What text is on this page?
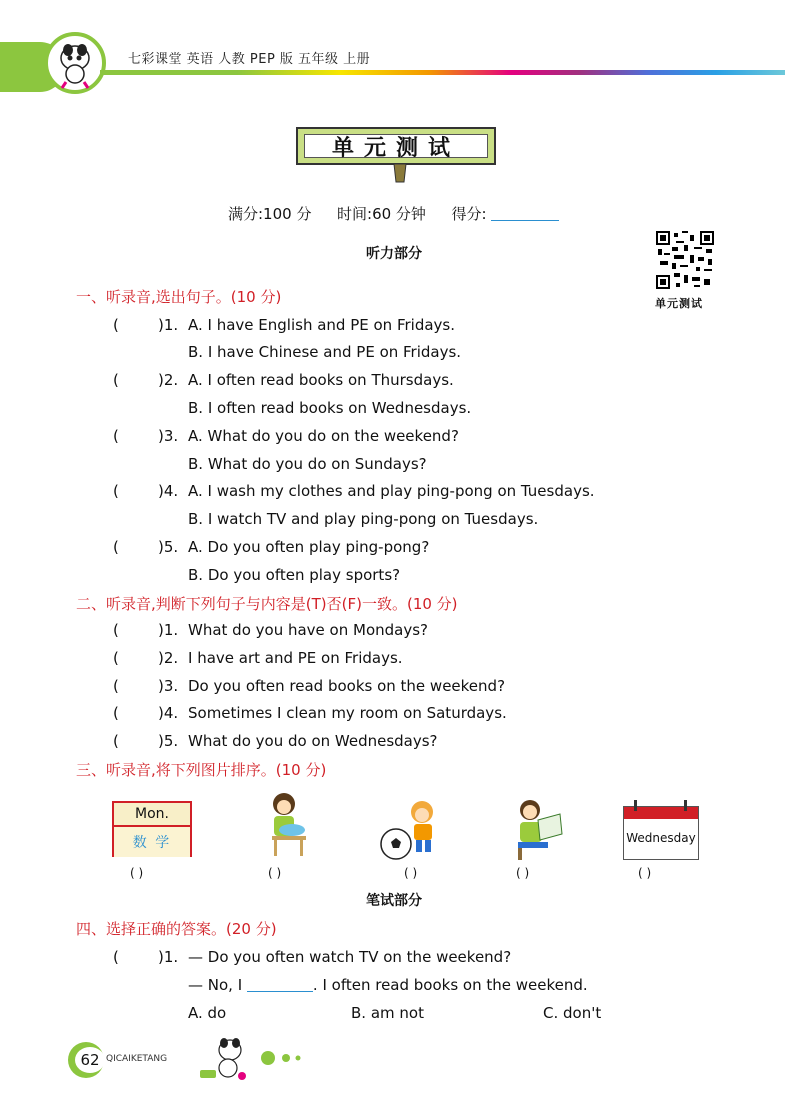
七彩课堂 英语 人教 PEP 版 五年级 上册
单元测试
满分:100 分 时间:60 分钟 得分:
听力部分
单元测试
一、听录音,选出句子。(10 分)
(	)1. A. I have English and PE on Fridays.
B. I have Chinese and PE on Fridays.
(	)2. A. I often read books on Thursdays.
B. I often read books on Wednesdays.
(	)3. A. What do you do on the weekend?
B. What do you do on Sundays?
(	)4. A. I wash my clothes and play ping-pong on Tuesdays.
B. I watch TV and play ping-pong on Tuesdays.
(	)5. A. Do you often play ping-pong?
B. Do you often play sports?
二、听录音,判断下列句子与内容是(T)否(F)一致。(10 分)
(	)1. What do you have on Mondays?
(	)2. I have art and PE on Fridays.
(	)3. Do you often read books on the weekend?
(	)4. Sometimes I clean my room on Saturdays.
(	)5. What do you do on Wednesdays?
三、听录音,将下列图片排序。(10 分)
Mon.
数 学	Wednesday
( )	( )	( )	( )	( )
笔试部分
四、选择正确的答案。(20 分)
(	)1. — Do you often watch TV on the weekend?
— No, I	. I often read books on the weekend.
A. do	B. am not	C. don't
62 QICAIKETANG
